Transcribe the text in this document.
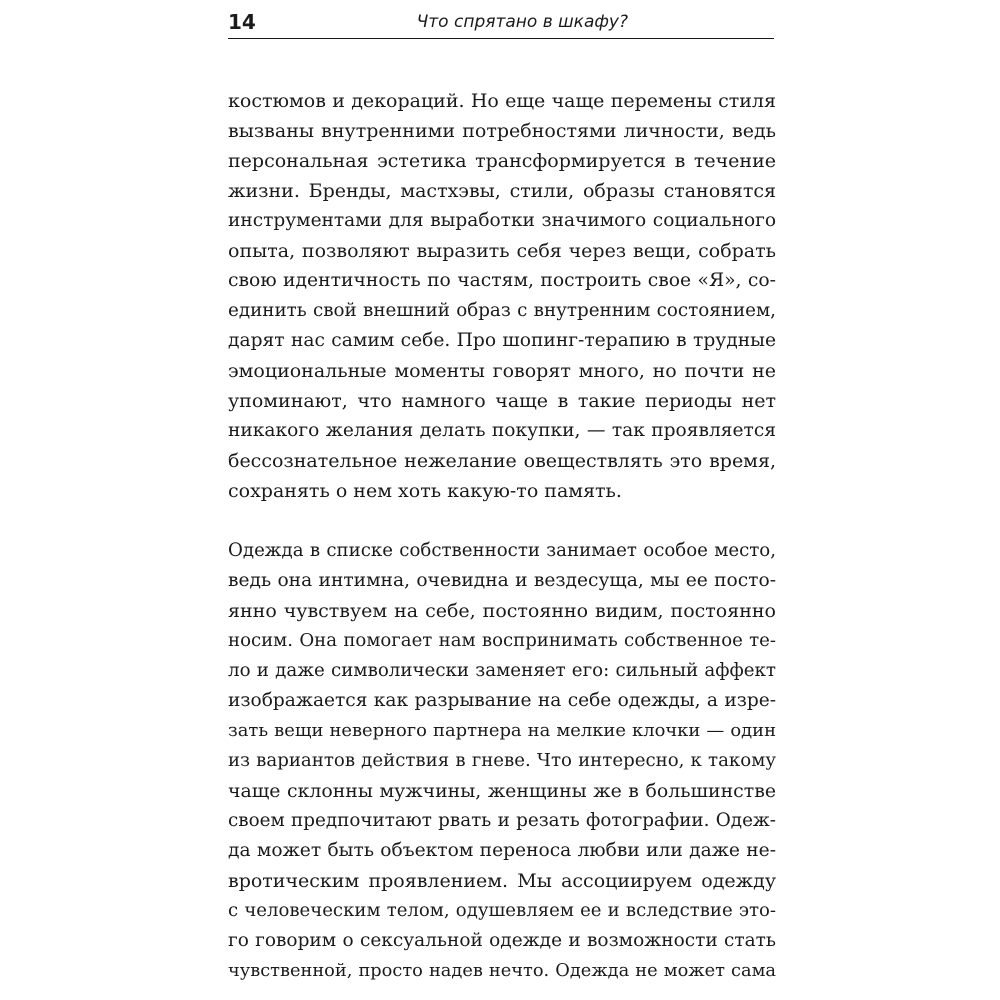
14	Что спрятано в шкафу?
костюмов и декораций. Но еще чаще перемены стиля
вызваны внутренними потребностями личности, ведь
персональная эстетика трансформируется в течение
жизни. Бренды, мастхэвы, стили, образы становятся
инструментами для выработки значимого социального
опыта, позволяют выразить себя через вещи, собрать
свою идентичность по частям, построить свое «Я», со-
единить свой внешний образ с внутренним состоянием,
дарят нас самим себе. Про шопинг-терапию в трудные
эмоциональные моменты говорят много, но почти не
упоминают, что намного чаще в такие периоды нет
никакого желания делать покупки, — так проявляется
бессознательное нежелание овеществлять это время,
сохранять о нем хоть какую-то память.
Одежда в списке собственности занимает особое место,
ведь она интимна, очевидна и вездесуща, мы ее посто-
янно чувствуем на себе, постоянно видим, постоянно
носим. Она помогает нам воспринимать собственное те-
ло и даже символически заменяет его: сильный аффект
изображается как разрывание на себе одежды, а изре-
зать вещи неверного партнера на мелкие клочки — один
из вариантов действия в гневе. Что интересно, к такому
чаще склонны мужчины, женщины же в большинстве
своем предпочитают рвать и резать фотографии. Одеж-
да может быть объектом переноса любви или даже не-
вротическим проявлением. Мы ассоциируем одежду
с человеческим телом, одушевляем ее и вследствие это-
го говорим о сексуальной одежде и возможности стать
чувственной, просто надев нечто. Одежда не может сама
